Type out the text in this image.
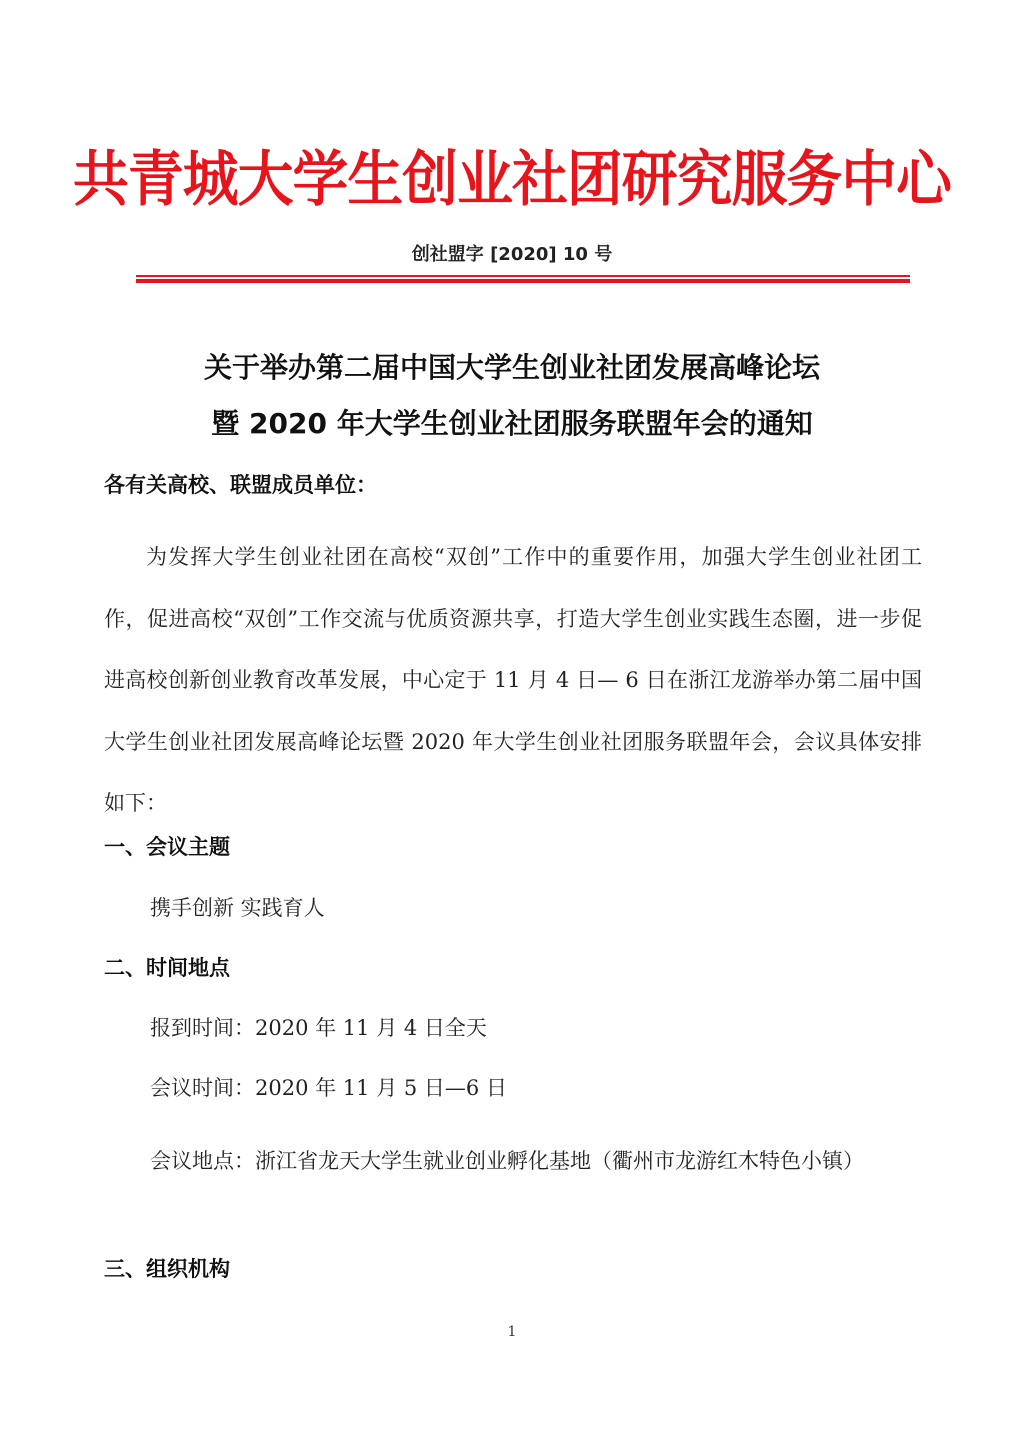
共青城大学生创业社团研究服务中心
创社盟字 [2020] 10 号
关于举办第二届中国大学生创业社团发展高峰论坛
暨 2020 年大学生创业社团服务联盟年会的通知
各有关高校、联盟成员单位：
为发挥大学生创业社团在高校“双创”工作中的重要作用，加强大学生创业社团工作，促进高校“双创”工作交流与优质资源共享，打造大学生创业实践生态圈，进一步促进高校创新创业教育改革发展，中心定于 11 月 4 日— 6 日在浙江龙游举办第二届中国大学生创业社团发展高峰论坛暨 2020 年大学生创业社团服务联盟年会，会议具体安排如下：
一、会议主题
携手创新 实践育人
二、时间地点
报到时间：2020 年 11 月 4 日全天
会议时间：2020 年 11 月 5 日—6 日
会议地点：浙江省龙天大学生就业创业孵化基地（衢州市龙游红木特色小镇）
三、组织机构
1
